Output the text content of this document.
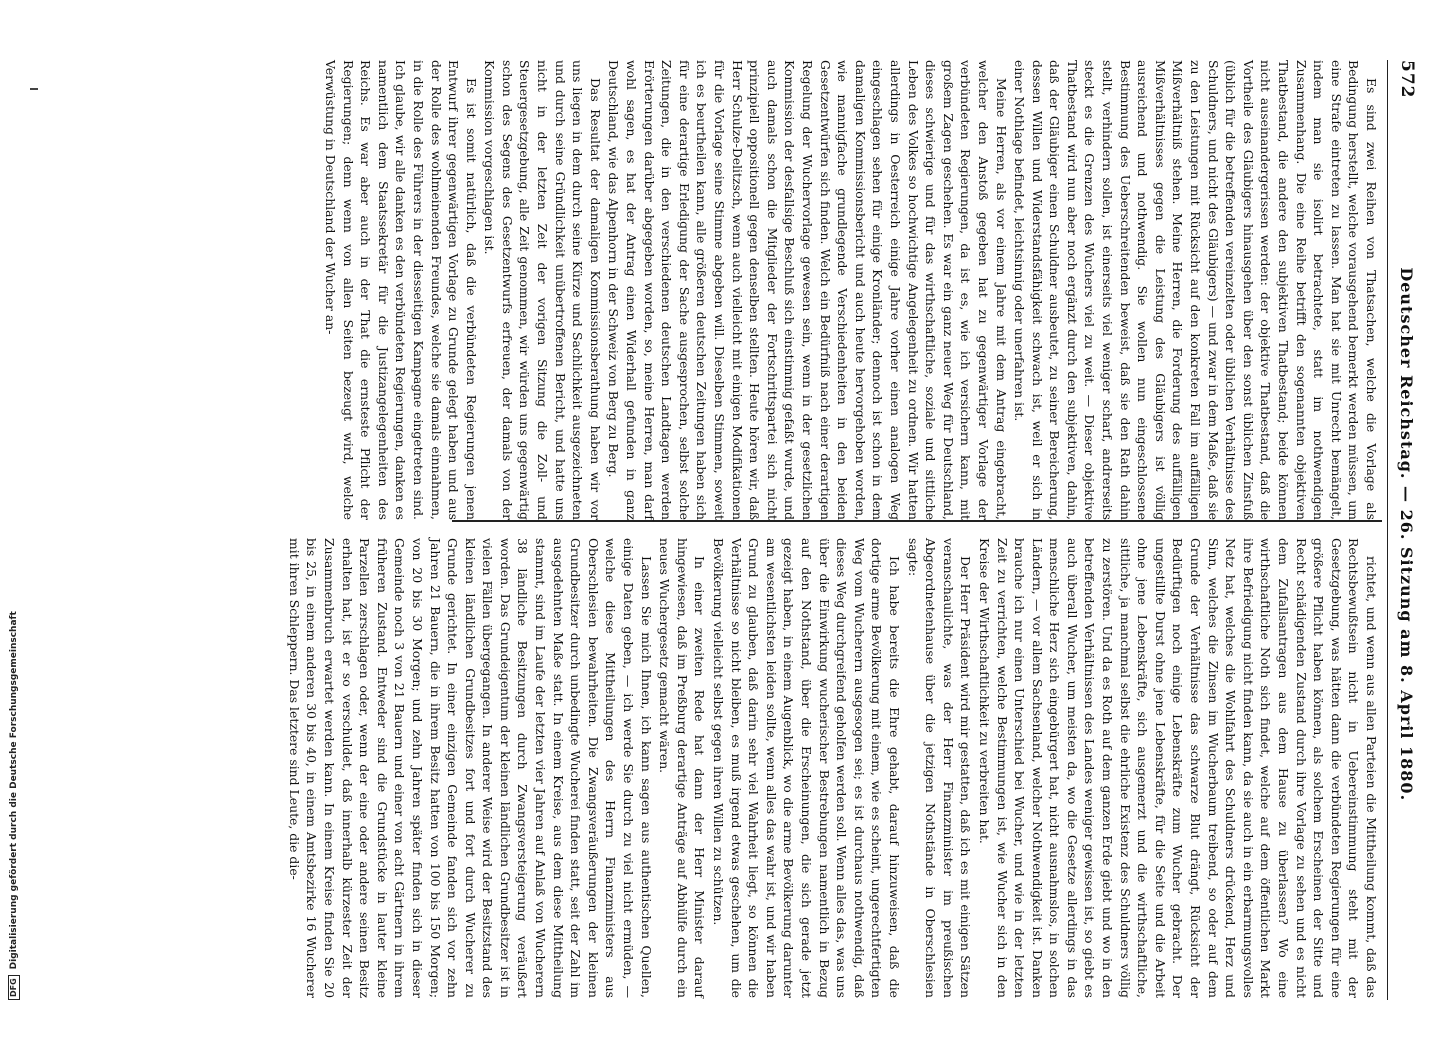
DFG
Digitalisierung gefördert durch die Deutsche Forschungsgemeinschaft
572
Deutscher Reichstag. — 26. Sitzung am 8. April 1880.

Es sind zwei Reihen von Thatsachen, welche die Vorlage als Bedingung herstellt, welche vorausgehend bemerkt werden müssen, um eine Strafe eintreten zu lassen. Man hat sie mit Unrecht bemängelt, indem man sie isolirt betrachtete, statt im nothwendigen Zusammenhang. Die eine Reihe betrifft den sogenannten objektiven Thatbestand, die andere den subjektiven Thatbestand; beide können nicht auseinandergerissen werden: der objektive Thatbestand, daß die Vortheile des Gläubigers hinausgehen über den sonst üblichen Zinsfuß (üblich für die betreffenden vereinzelten oder üblichen Verhältnisse des Schuldners, und nicht des Gläubigers) — und zwar in dem Maße, daß sie zu den Leistungen mit Rücksicht auf den konkreten Fall im auffälligen Mißverhältniß stehen. Meine Herren, die Forderung des auffälligen Mißverhältnisses gegen die Leistung des Gläubigers ist völlig ausreichend und nothwendig. Sie wollen nun eingeschlossene Bestimmung des Ueberschreitenden beweist, daß sie den Rath dahin stellt, verhindern sollen, ist einerseits viel weniger scharf, andrerseits steckt es die Grenzen des Wuchers viel zu weit. — Dieser objektive Thatbestand wird nun aber noch ergänzt durch den subjektiven, dahin, daß der Gläubiger einen Schuldner ausbeutet, zu seiner Bereicherung, dessen Willen und Widerstandsfähigkeit schwach ist, weil er sich in einer Nothlage befindet, leichtsinnig oder unerfahren ist.

Meine Herren, als vor einem Jahre mit dem Antrag eingebracht, welcher den Anstoß gegeben hat zu gegenwärtiger Vorlage der verbündeten Regierungen, da ist es, wie ich versichern kann, mit großem Zagen geschehen. Es war ein ganz neuer Weg für Deutschland, dieses schwierige und für das wirthschaftliche, soziale und sittliche Leben des Volkes so hochwichtige Angelegenheit zu ordnen. Wir hatten allerdings in Oesterreich einige Jahre vorher einen analogen Weg eingeschlagen sehen für einige Kronländer; dennoch ist schon in dem damaligen Kommissionsbericht und auch heute hervorgehoben worden, wie mannigfache grundlegende Verschiedenheiten in den beiden Gesetzentwürfen sich finden. Welch ein Bedürfniß nach einer derartigen Regelung der Wuchervorlage gewesen sein, wenn in der gesetzlichen Kommission der desfallsige Beschluß sich einstimmig gefaßt wurde, und auch damals schon die Mitglieder der Fortschrittspartei sich nicht prinzipiell oppositionell gegen denselben stellten. Heute hören wir, daß Herr Schulze-Delitzsch, wenn auch vielleicht mit einigen Modifikationen für die Vorlage seine Stimme abgeben will. Dieselben Stimmen, soweit ich es beurtheilen kann, alle größeren deutschen Zeitungen haben sich für eine derartige Erledigung der Sache ausgesprochen, selbst solche Zeitungen, die in den verschiedenen deutschen Landtagen werden Erörterungen darüber abgegeben worden, so, meine Herren, man darf wohl sagen, es hat der Antrag einen Widerhall gefunden in ganz Deutschland, wie das Alpenhorn in der Schweiz von Berg zu Berg.

Das Resultat der damaligen Kommissionsberathung haben wir vor uns liegen in dem durch seine Kürze und Sachlichkeit ausgezeichneten und durch seine Gründlichkeit unübertroffenen Bericht, und hatte uns nicht in der letzten Zeit der vorigen Sitzung die Zoll- und Steuergesetzgebung, alle Zeit genommen, wir würden uns gegenwärtig schon des Segens des Gesetzentwurfs erfreuen, der damals von der Kommission vorgeschlagen ist.

Es ist somit natürlich, daß die verbündeten Regierungen jenen Entwurf ihrer gegenwärtigen Vorlage zu Grunde gelegt haben und aus der Rolle des wohlmeinenden Freundes, welche sie damals einnahmen, in die Rolle des Führers in der diesseitigen Kampagne eingetreten sind. Ich glaube, wir alle danken es den verbündeten Regierungen, danken es namentlich dem Staatssekretär für die Justizangelegenheiten des Reichs. Es war aber auch in der That die ernsteste Pflicht der Regierungen; denn wenn von allen Seiten bezeugt wird, welche Verwüstung in Deutschland der Wucher an-

richtet, und wenn aus allen Parteien die Mittheilung kommt, daß das Rechtsbewußtsein nicht in Uebereinstimmung steht mit der Gesetzgebung, was hätten dann die verbündeten Regierungen für eine größere Pflicht haben können, als solchem Erscheinen der Sitte und Recht schädigenden Zustand durch ihre Vorlage zu sehen und es nicht dem Zufallsantragen aus dem Hause zu überlassen? Wo eine wirthschaftliche Noth sich findet, welche auf dem öffentlichen Markt ihre Befriedigung nicht finden kann, da sie auch in ein erbarmungsvolles Netz hat, welches die Wohlfahrt des Schuldners drückend, Herz und Sinn, welches die Zinsen im Wucherbaum treibend, so oder auf dem Grunde der Verhältnisse das schwarze Blut drängt, Rücksicht der Bedürftigen noch einige Lebenskräfte zum Wucher gebracht. Der ungestillte Durst ohne jene Lebenskräfte, für die Seite und die Arbeit ohne jene Lebenskräfte, sich ausgemerzt und die wirthschaftliche, sittliche, ja manchmal selbst die ehrliche Existenz des Schuldners völlig zu zerstören. Und da es Roth auf dem ganzen Erde giebt und wo in den betreffenden Verhältnissen des Landes weniger gewissen ist, so giebt es auch überall Wucher, um meisten da, wo die Gesetze allerdings in das menschliche Herz sich eingebürgert hat, nicht ausnahmslos, in solchen Ländern, — vor allem Sachsenland, welcher Nothwendigkeit ist. Danken brauche ich nur einen Unterschied bei Wucher, und wie in der letzten Zeit zu verrichten, welche Bestimmungen ist, wie Wucher sich in den Kreise der Wirthschaftlichkeit zu verbreiten hat.

Der Herr Präsident wird mir gestatten, daß ich es mit einigen Sätzen veranschaulichte, was der Herr Finanzminister im preußischen Abgeordnetenhause über die jetzigen Nothstände in Oberschlesien sagte:

Ich habe bereits die Ehre gehabt, darauf hinzuweisen, daß die dortige arme Bevölkerung mit einem, wie es scheint, ungerechtfertigten Weg vom Wucherern ausgesogen sei; es ist durchaus nothwendig, daß dieses Weg durchgreifend geholfen werden soll. Wenn alles das, was uns über die Einwirkung wucherischer Bestrebungen namentlich in Bezug auf den Nothstand, über die Erscheinungen, die sich gerade jetzt gezeigt haben, in einem Augenblick, wo die arme Bevölkerung darunter am wesentlichsten leiden sollte, wenn alles das wahr ist, und wir haben Grund zu glauben, daß darin sehr viel Wahrheit liegt, so können die Verhältnisse so nicht bleiben, es muß irgend etwas geschehen, um die Bevölkerung vielleicht selbst gegen ihren Willen zu schützen.

In einer zweiten Rede hat dann der Herr Minister darauf hingewiesen, daß im Preßburg derartige Anträge auf Abhülfe durch ein neues Wuchergesetz gemacht wären.

Lassen Sie mich Ihnen, ich kann sagen aus authentischen Quellen, einige Daten geben, — ich werde Sie durch zu viel nicht ermüden, — welche diese Mittheilungen des Herrn Finanzministers aus Oberschlesien bewahrheiten. Die Zwangsveräußerungen der kleinen Grundbesitzer durch unbedingte Wucherei finden statt, seit der Zahl im ausgedehnten Maße statt. In einem Kreise, aus dem diese Mittheilung stammt, sind im Laufe der letzten vier Jahren auf Anlaß von Wucherern 38 ländliche Besitzungen durch Zwangsversteigerung veräußert worden. Das Grundeigentum der kleinen ländlichen Grundbesitzer ist in vielen Fällen übergegangen. In anderer Weise wird der Besitzstand des kleinen ländlichen Grundbesitzes fort und fort durch Wucherer zu Grunde gerichtet. In einer einzigen Gemeinde fanden sich vor zehn Jahren 21 Bauern, die in ihrem Besitz hatten von 100 bis 150 Morgen; von 20 bis 30 Morgen; und zehn Jahren später finden sich in dieser Gemeinde noch 3 von 21 Bauern und einer von acht Gärtnern in ihrem früheren Zustand. Entweder sind die Grundstücke in lauter kleine Parzellen zerschlagen oder, wenn der eine oder andere seinen Besitz erhalten hat, ist er so verschuldet, daß innerhalb kürzester Zeit der Zusammenbruch erwartet werden kann. In einem Kreise finden Sie 20 bis 25, in einem anderen 30 bis 40, in einem Amtsbezirke 16 Wucherer mit ihren Schleppern. Das letztere sind Leute, die die-
